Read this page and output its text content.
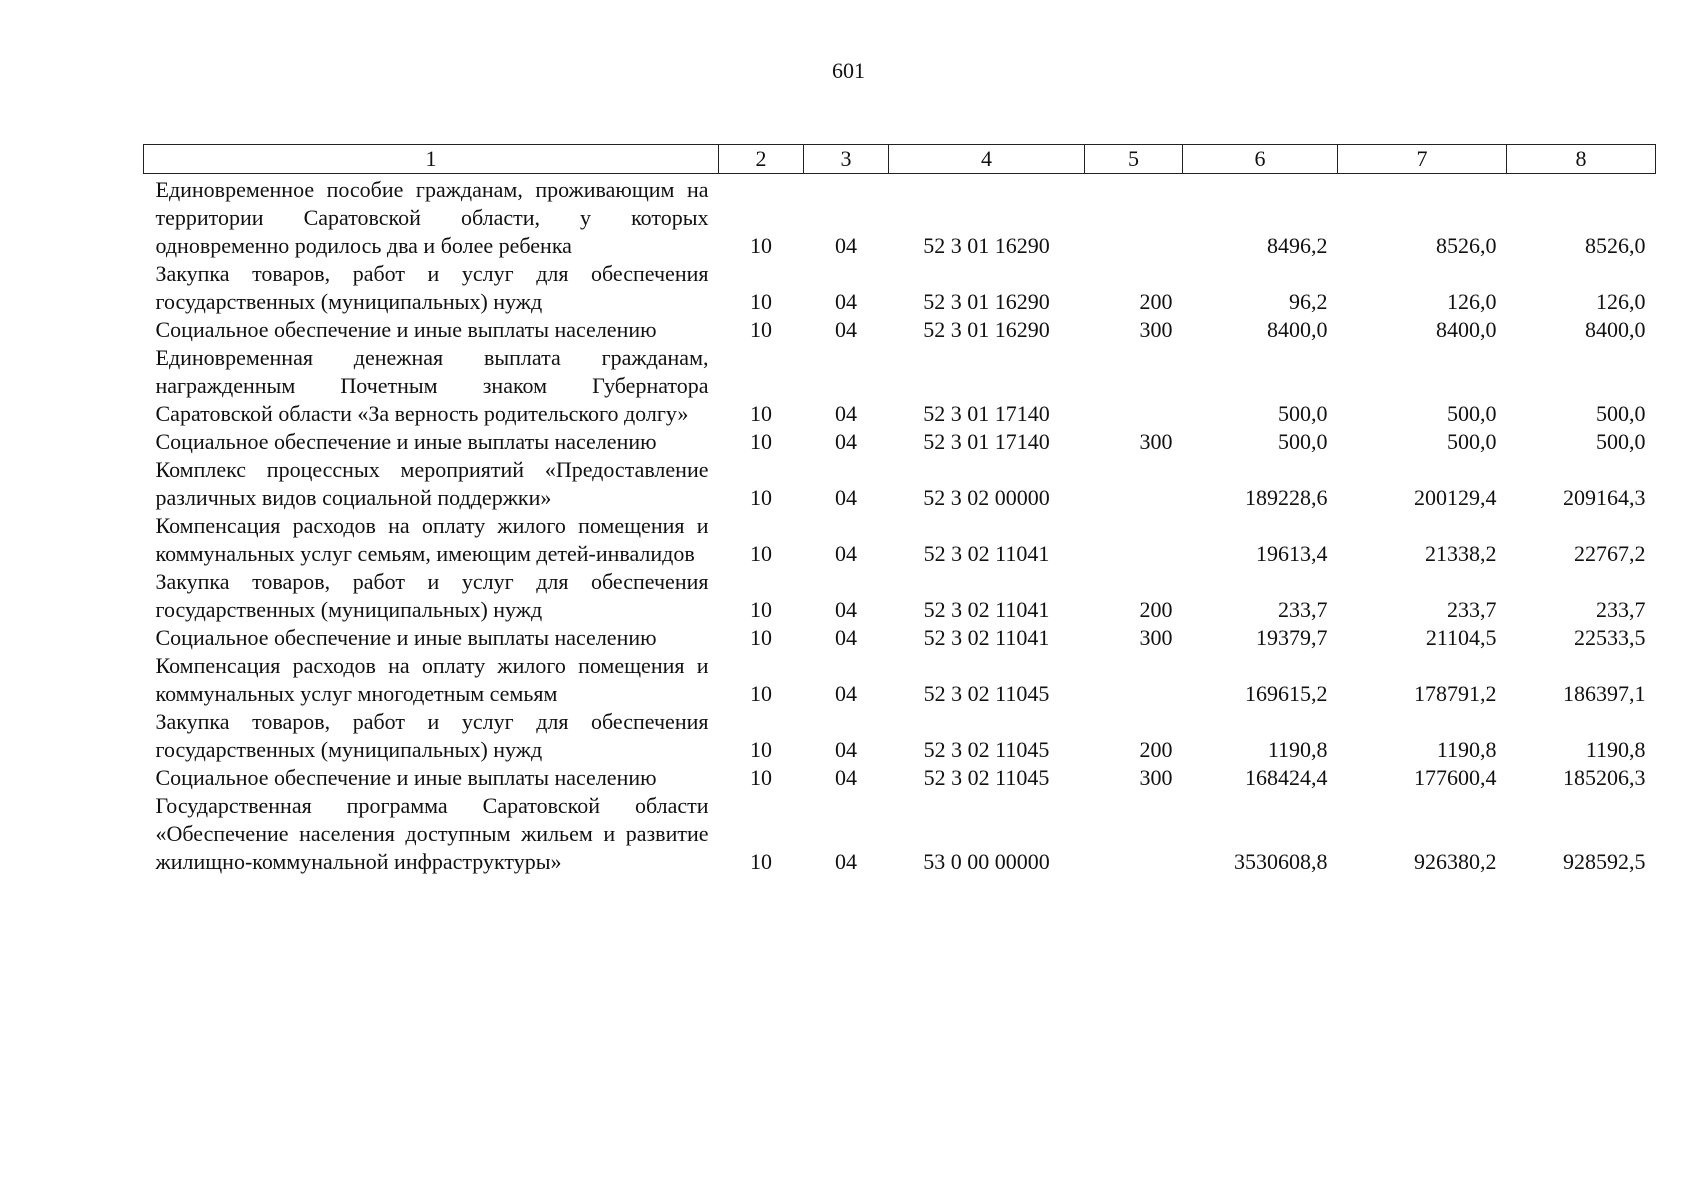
601
1	2	3	4	5	6	7	8
Единовременное пособие гражданам, проживающим на территории Саратовской области, у которых одновременно родилось два и более ребенка	10	04	52 3 01 16290		8496,2	8526,0	8526,0
Закупка товаров, работ и услуг для обеспечения государственных (муниципальных) нужд	10	04	52 3 01 16290	200	96,2	126,0	126,0
Социальное обеспечение и иные выплаты населению	10	04	52 3 01 16290	300	8400,0	8400,0	8400,0
Единовременная денежная выплата гражданам, награжденным Почетным знаком Губернатора Саратовской области «За верность родительского долгу»	10	04	52 3 01 17140		500,0	500,0	500,0
Социальное обеспечение и иные выплаты населению	10	04	52 3 01 17140	300	500,0	500,0	500,0
Комплекс процессных мероприятий «Предоставление различных видов социальной поддержки»	10	04	52 3 02 00000		189228,6	200129,4	209164,3
Компенсация расходов на оплату жилого помещения и коммунальных услуг семьям, имеющим детей-инвалидов	10	04	52 3 02 11041		19613,4	21338,2	22767,2
Закупка товаров, работ и услуг для обеспечения государственных (муниципальных) нужд	10	04	52 3 02 11041	200	233,7	233,7	233,7
Социальное обеспечение и иные выплаты населению	10	04	52 3 02 11041	300	19379,7	21104,5	22533,5
Компенсация расходов на оплату жилого помещения и коммунальных услуг многодетным семьям	10	04	52 3 02 11045		169615,2	178791,2	186397,1
Закупка товаров, работ и услуг для обеспечения государственных (муниципальных) нужд	10	04	52 3 02 11045	200	1190,8	1190,8	1190,8
Социальное обеспечение и иные выплаты населению	10	04	52 3 02 11045	300	168424,4	177600,4	185206,3
Государственная программа Саратовской области «Обеспечение населения доступным жильем и развитие жилищно-коммунальной инфраструктуры»	10	04	53 0 00 00000		3530608,8	926380,2	928592,5
